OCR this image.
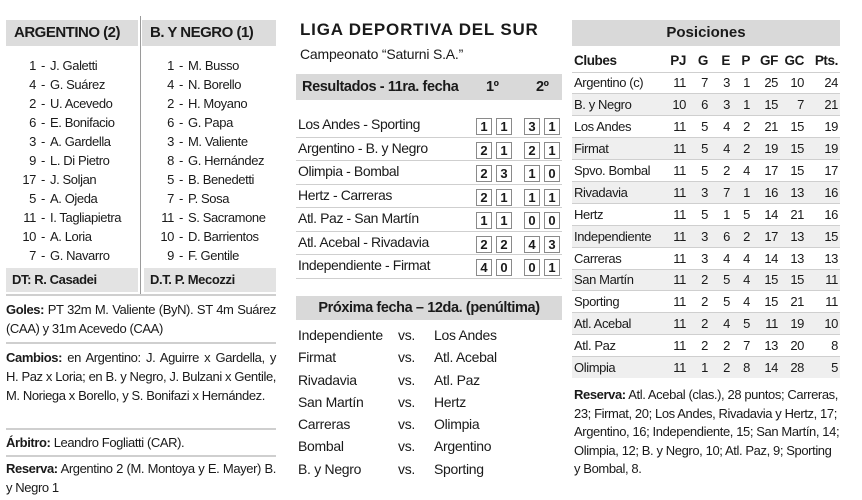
ARGENTINO (2)	B. Y NEGRO (1)
1 - J. Galetti
4 - G. Suárez
2 - U. Acevedo
6 - E. Bonifacio
3 - A. Gardella
9 - L. Di Pietro
17 - J. Soljan
5 - A. Ojeda
11 - I. Tagliapietra
10 - A. Loria
7 - G. Navarro
1 - M. Busso
4 - N. Borello
2 - H. Moyano
6 - G. Papa
3 - M. Valiente
8 - G. Hernández
5 - B. Benedetti
7 - P. Sosa
11 - S. Sacramone
10 - D. Barrientos
9 - F. Gentile
DT: R. Casadei	D.T. P. Mecozzi
Goles: PT 32m M. Valiente (ByN). ST 4m Suárez (CAA) y 31m Acevedo (CAA)
Cambios: en Argentino: J. Aguirre x Gardella, y H. Paz x Loria; en B. y Negro, J. Bulzani x Gentile, M. Noriega x Borello, y S. Bonifazi x Hernández.
Árbitro: Leandro Fogliatti (CAR).
Reserva: Argentino 2 (M. Montoya y E. Mayer) B. y Negro 1
LIGA DEPORTIVA DEL SUR
Campeonato “Saturni S.A.”
Resultados - 11ra. fecha 1º	2º
Los Andes - Sporting	1 1	3 1
Argentino - B. y Negro	2 1	2 1
Olimpia - Bombal	2 3	1 0
Hertz - Carreras	2 1	1 1
Atl. Paz - San Martín	1 1	0 0
Atl. Acebal - Rivadavia	2 2	4 3
Independiente - Firmat	4 0	0 1
Próxima fecha – 12da. (penúltima)
Independiente vs. Los Andes
Firmat	vs. Atl. Acebal
Rivadavia	vs. Atl. Paz
San Martín vs. Hertz
Carreras	vs. Olimpia
Bombal	vs. Argentino
B. y Negro	vs. Sporting
Posiciones
Clubes	PJ	G	E	P	GF	GC	Pts.
Argentino (c)	11	7	3	1	25	10	24
B. y Negro	10	6	3	1	15	7	21
Los Andes	11	5	4	2	21	15	19
Firmat	11	5	4	2	19	15	19
Spvo. Bombal	11	5	2	4	17	15	17
Rivadavia	11	3	7	1	16	13	16
Hertz	11	5	1	5	14	21	16
Independiente	11	3	6	2	17	13	15
Carreras	11	3	4	4	14	13	13
San Martín	11	2	5	4	15	15	11
Sporting	11	2	5	4	15	21	11
Atl. Acebal	11	2	4	5	11	19	10
Atl. Paz	11	2	2	7	13	20	8
Olimpia	11	1	2	8	14	28	5
Reserva: Atl. Acebal (clas.), 28 puntos; Carreras, 23; Firmat, 20; Los Andes, Rivadavia y Hertz, 17; Argentino, 16; Independiente, 15; San Martín, 14; Olimpia, 12; B. y Negro, 10; Atl. Paz, 9; Sporting y Bombal, 8.
